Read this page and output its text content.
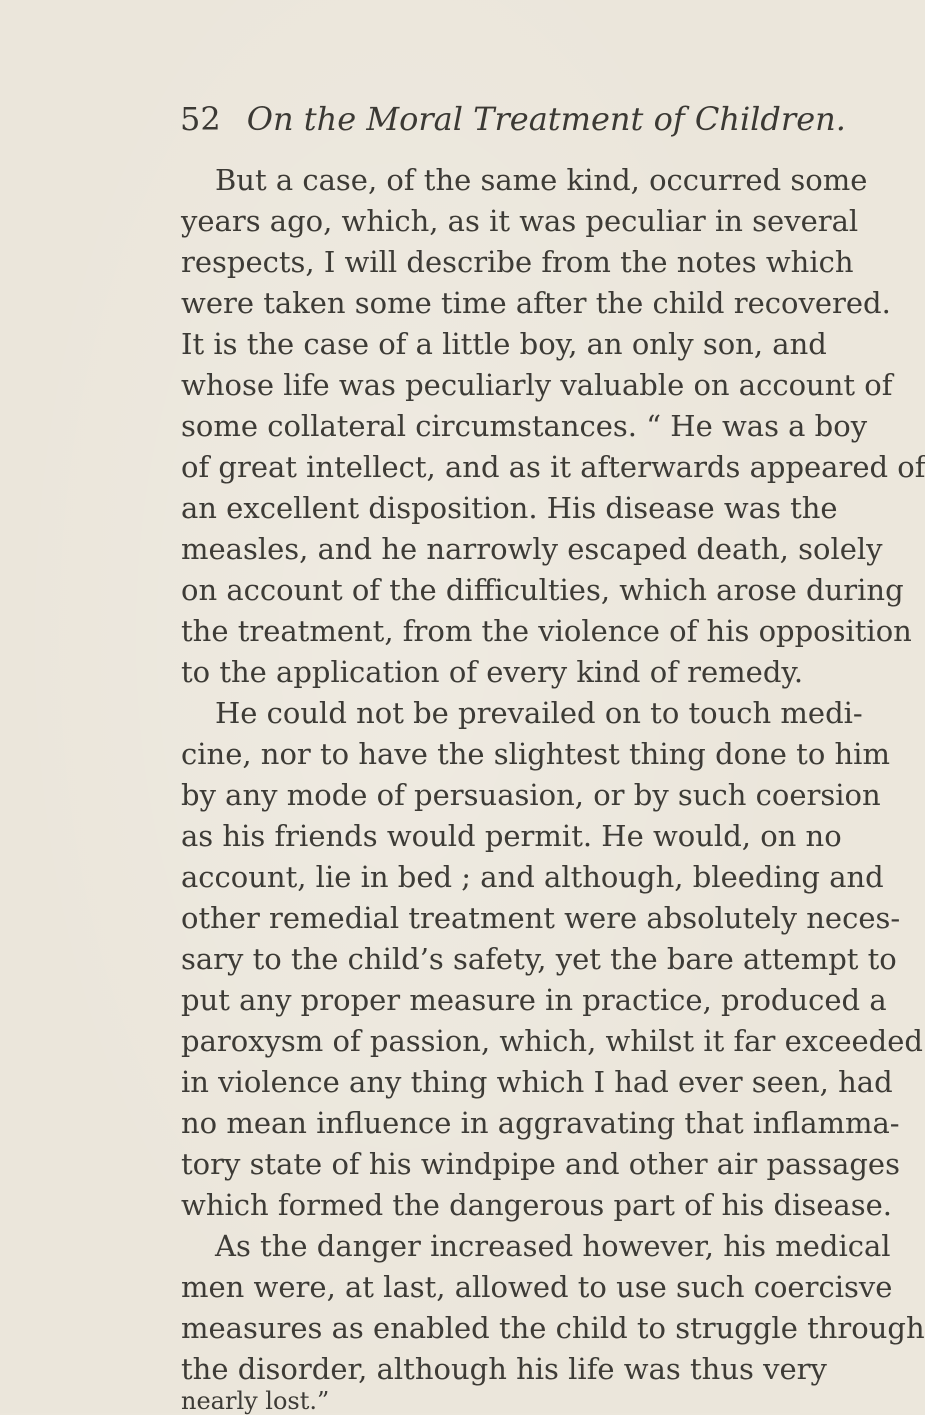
52 On the Moral Treatment of Children.
But a case, of the same kind, occurred some
years ago, which, as it was peculiar in several
respects, I will describe from the notes which
were taken some time after the child recovered.
It is the case of a little boy, an only son, and
whose life was peculiarly valuable on account of
some collateral circumstances. “ He was a boy
of great intellect, and as it afterwards appeared of
an excellent disposition. His disease was the
measles, and he narrowly escaped death, solely
on account of the difficulties, which arose during
the treatment, from the violence of his opposition
to the application of every kind of remedy.
He could not be prevailed on to touch medi-
cine, nor to have the slightest thing done to him
by any mode of persuasion, or by such coersion
as his friends would permit. He would, on no
account, lie in bed ; and although, bleeding and
other remedial treatment were absolutely neces-
sary to the child’s safety, yet the bare attempt to
put any proper measure in practice, produced a
paroxysm of passion, which, whilst it far exceeded
in violence any thing which I had ever seen, had
no mean influence in aggravating that inflamma-
tory state of his windpipe and other air passages
which formed the dangerous part of his disease.
As the danger increased however, his medical
men were, at last, allowed to use such coercisve
measures as enabled the child to struggle through
the disorder, although his life was thus very
nearly lost.”
